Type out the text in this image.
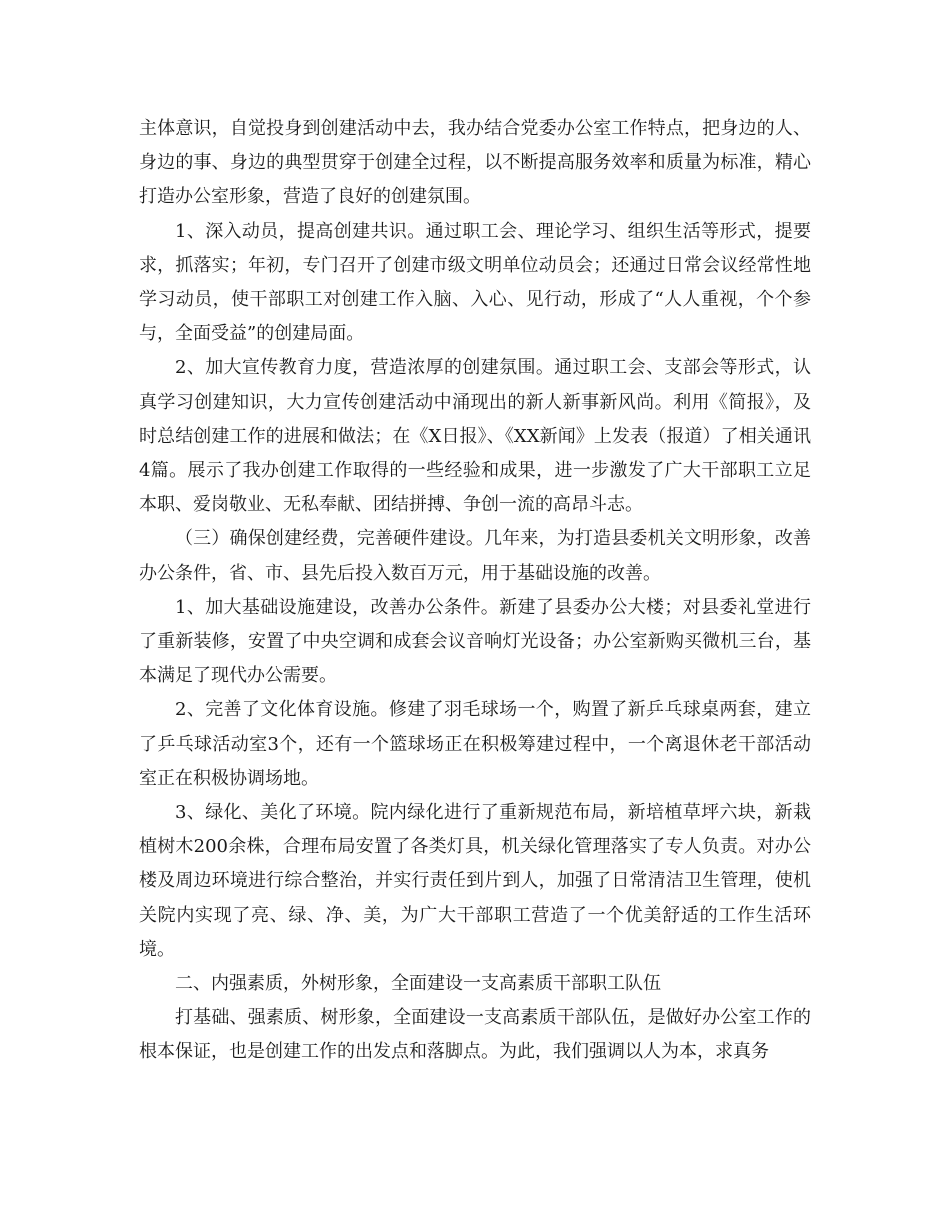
主体意识，自觉投身到创建活动中去，我办结合党委办公室工作特点，把身边的人、身边的事、身边的典型贯穿于创建全过程，以不断提高服务效率和质量为标准，精心打造办公室形象，营造了良好的创建氛围。

1、深入动员，提高创建共识。通过职工会、理论学习、组织生活等形式，提要求，抓落实；年初，专门召开了创建市级文明单位动员会；还通过日常会议经常性地学习动员，使干部职工对创建工作入脑、入心、见行动，形成了“人人重视，个个参与，全面受益”的创建局面。

2、加大宣传教育力度，营造浓厚的创建氛围。通过职工会、支部会等形式，认真学习创建知识，大力宣传创建活动中涌现出的新人新事新风尚。利用《简报》，及时总结创建工作的进展和做法；在《X日报》、《XX新闻》上发表（报道）了相关通讯4篇。展示了我办创建工作取得的一些经验和成果，进一步激发了广大干部职工立足本职、爱岗敬业、无私奉献、团结拼搏、争创一流的高昂斗志。

（三）确保创建经费，完善硬件建设。几年来，为打造县委机关文明形象，改善办公条件，省、市、县先后投入数百万元，用于基础设施的改善。

1、加大基础设施建设，改善办公条件。新建了县委办公大楼；对县委礼堂进行了重新装修，安置了中央空调和成套会议音响灯光设备；办公室新购买微机三台，基本满足了现代办公需要。

2、完善了文化体育设施。修建了羽毛球场一个，购置了新乒乓球桌两套，建立了乒乓球活动室3个，还有一个篮球场正在积极筹建过程中，一个离退休老干部活动室正在积极协调场地。

3、绿化、美化了环境。院内绿化进行了重新规范布局，新培植草坪六块，新栽植树木200余株，合理布局安置了各类灯具，机关绿化管理落实了专人负责。对办公楼及周边环境进行综合整治，并实行责任到片到人，加强了日常清洁卫生管理，使机关院内实现了亮、绿、净、美，为广大干部职工营造了一个优美舒适的工作生活环境。

二、内强素质，外树形象，全面建设一支高素质干部职工队伍

打基础、强素质、树形象，全面建设一支高素质干部队伍，是做好办公室工作的根本保证，也是创建工作的出发点和落脚点。为此，我们强调以人为本，求真务
